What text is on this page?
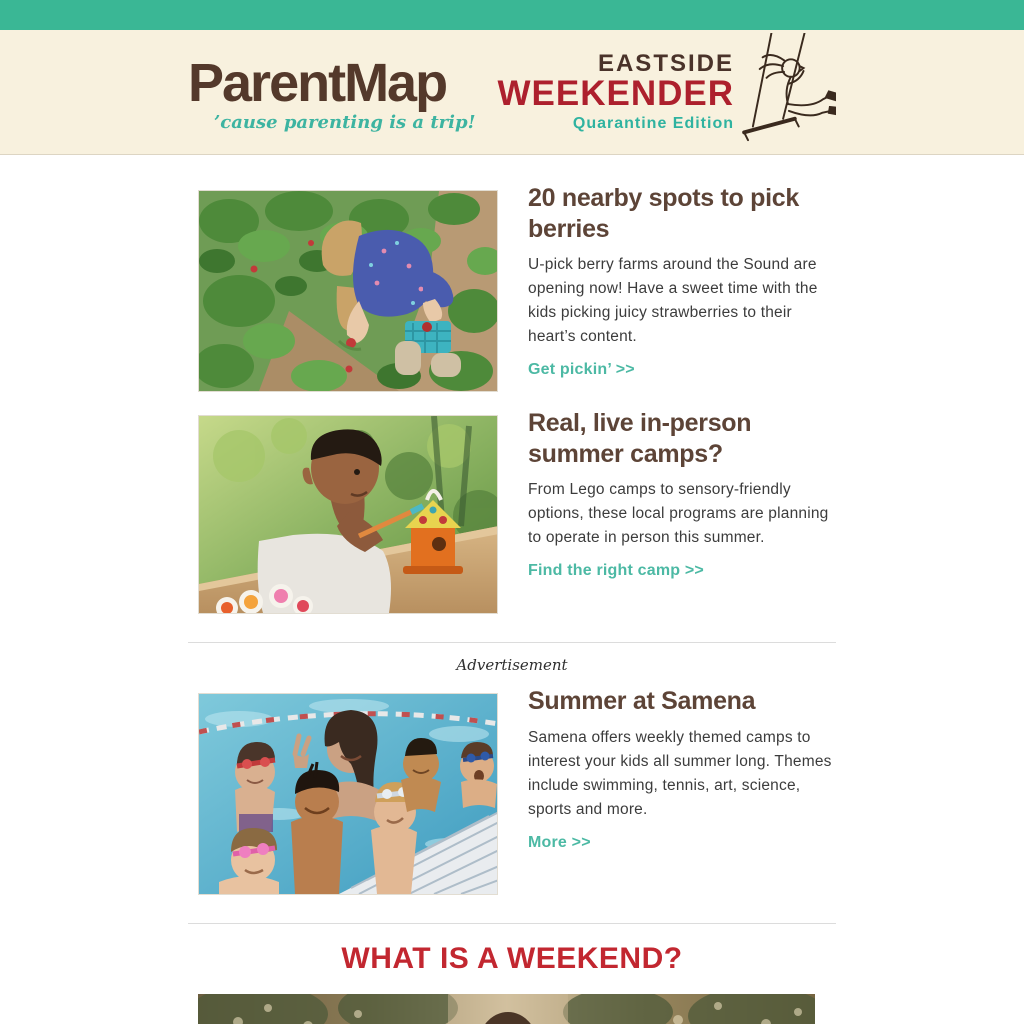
ParentMap
’cause parenting is a trip!
EASTSIDE
WEEKENDER
Quarantine Edition
20 nearby spots to pick berries

U-pick berry farms around the Sound are opening now! Have a sweet time with the kids picking juicy strawberries to their heart’s content.

Get pickin’ >>
Real, live in-person summer camps?

From Lego camps to sensory-friendly options, these local programs are planning to operate in person this summer.

Find the right camp >>
Advertisement
Summer at Samena

Samena offers weekly themed camps to interest your kids all summer long. Themes include swimming, tennis, art, science, sports and more.

More >>
WHAT IS A WEEKEND?
